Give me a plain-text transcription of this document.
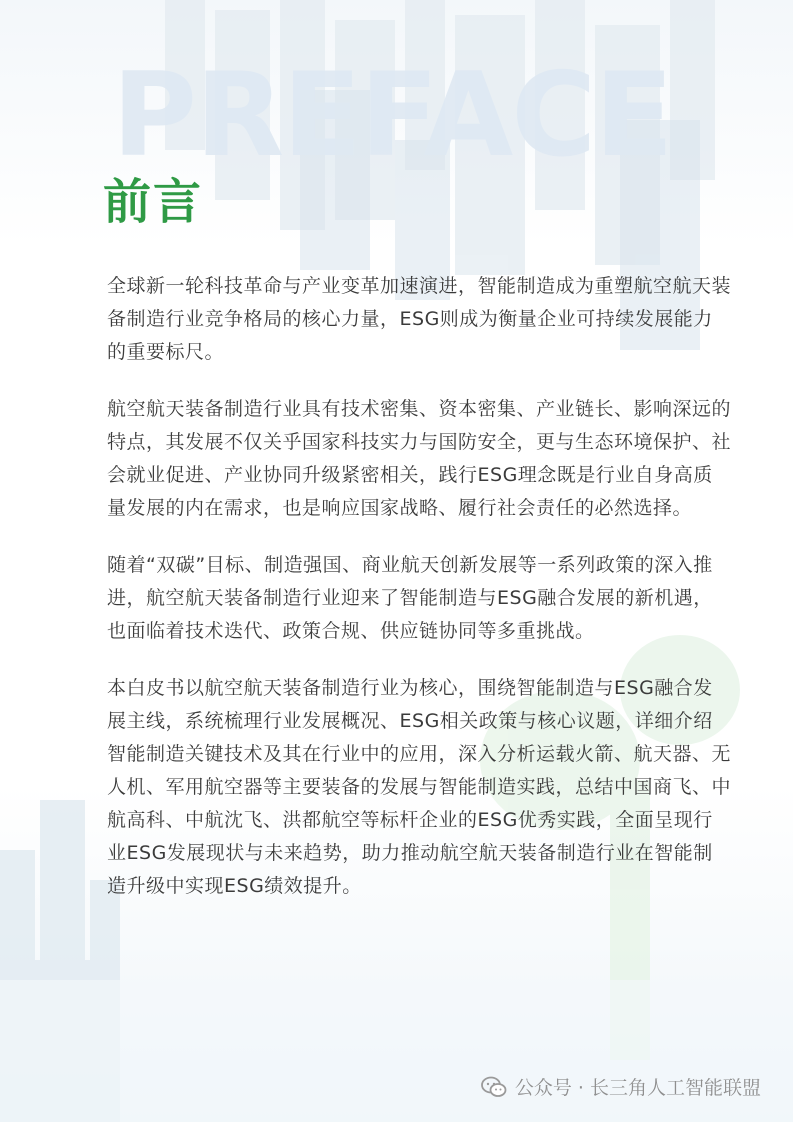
PREFACE
前言

全球新一轮科技革命与产业变革加速演进，智能制造成为重塑航空航天装备制造行业竞争格局的核心力量，ESG则成为衡量企业可持续发展能力的重要标尺。

航空航天装备制造行业具有技术密集、资本密集、产业链长、影响深远的特点，其发展不仅关乎国家科技实力与国防安全，更与生态环境保护、社会就业促进、产业协同升级紧密相关，践行ESG理念既是行业自身高质量发展的内在需求，也是响应国家战略、履行社会责任的必然选择。

随着“双碳”目标、制造强国、商业航天创新发展等一系列政策的深入推进，航空航天装备制造行业迎来了智能制造与ESG融合发展的新机遇，也面临着技术迭代、政策合规、供应链协同等多重挑战。

本白皮书以航空航天装备制造行业为核心，围绕智能制造与ESG融合发展主线，系统梳理行业发展概况、ESG相关政策与核心议题，详细介绍智能制造关键技术及其在行业中的应用，深入分析运载火箭、航天器、无人机、军用航空器等主要装备的发展与智能制造实践，总结中国商飞、中航高科、中航沈飞、洪都航空等标杆企业的ESG优秀实践，全面呈现行业ESG发展现状与未来趋势，助力推动航空航天装备制造行业在智能制造升级中实现ESG绩效提升。

公众号 · 长三角人工智能联盟
